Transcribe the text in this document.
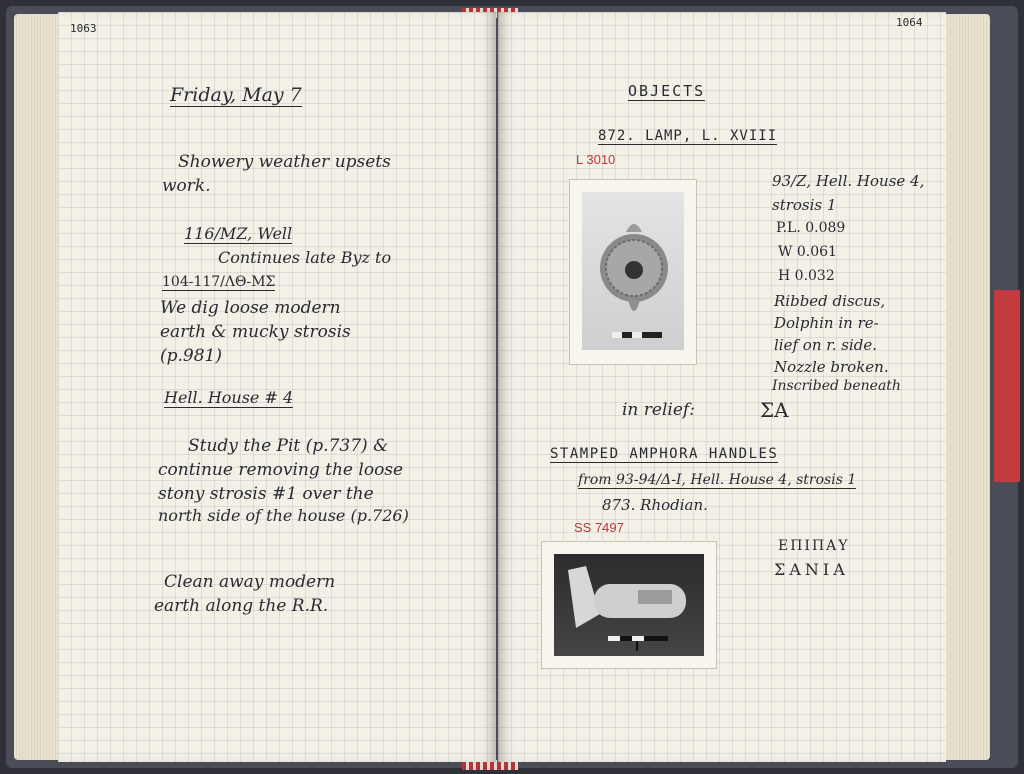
1063
Friday, May 7
Showery weather upsets
work.
116/MZ, Well
Continues late Byz to
104-117/ΛΘ-ΜΣ
We dig loose modern
earth & mucky strosis
(p.981)
Hell. House # 4
Study the Pit (p.737) &
continue removing the loose
stony strosis #1 over the
north side of the house (p.726)
Clean away modern
earth along the R.R.
1064
OBJECTS
872. LAMP, L. XVIII
L 3010
93/Z, Hell. House 4,
strosis 1
P.L. 0.089
W 0.061
H 0.032
Ribbed discus,
Dolphin in re-
lief on r. side.
Nozzle broken.
Inscribed beneath
in relief:	ΣΑ
STAMPED AMPHORA HANDLES
from 93-94/Δ-I, Hell. House 4, strosis 1
873. Rhodian.
SS 7497
ΕΠΙΠΑΥ
ΣΑΝΙΑ
